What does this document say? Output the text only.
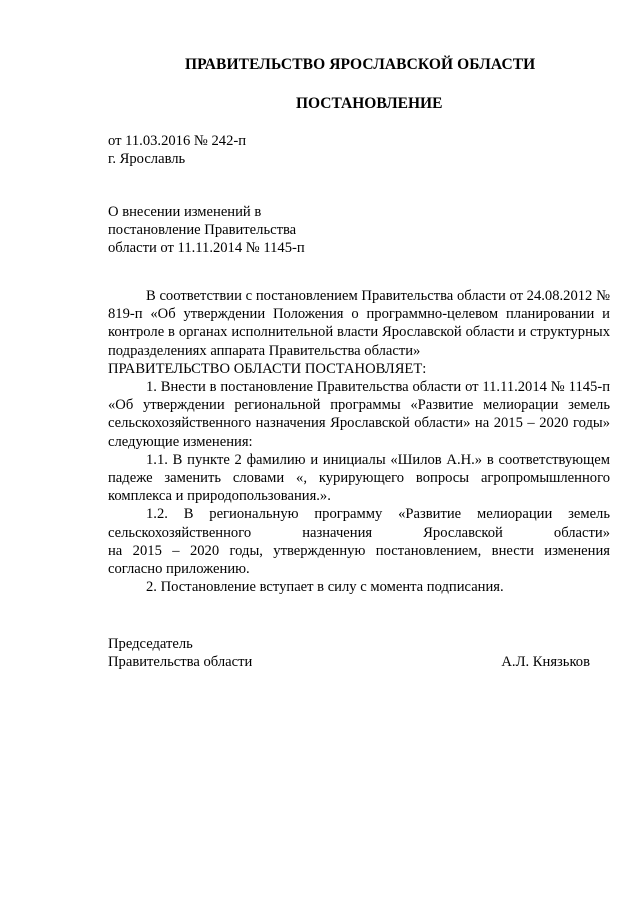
ПРАВИТЕЛЬСТВО ЯРОСЛАВСКОЙ ОБЛАСТИ
ПОСТАНОВЛЕНИЕ
от 11.03.2016 № 242-п
г. Ярославль
О внесении изменений в
постановление Правительства
области от 11.11.2014 № 1145-п

В соответствии с постановлением Правительства области от 24.08.2012 № 819-п «Об утверждении Положения о программно-целевом планировании и контроле в органах исполнительной власти Ярославской области и структурных подразделениях аппарата Правительства области»

ПРАВИТЕЛЬСТВО ОБЛАСТИ ПОСТАНОВЛЯЕТ:

1. Внести в постановление Правительства области от 11.11.2014 № 1145-п «Об утверждении региональной программы «Развитие мелиорации земель сельскохозяйственного назначения Ярославской области» на 2015 – 2020 годы» следующие изменения:

1.1. В пункте 2 фамилию и инициалы «Шилов А.Н.» в соответствующем падеже заменить словами «, курирующего вопросы агропромышленного комплекса и природопользования.».

1.2. В региональную программу «Развитие мелиорации земель сельскохозяйственного назначения Ярославской области»

на 2015 – 2020 годы, утвержденную постановлением, внести изменения согласно приложению.

2. Постановление вступает в силу с момента подписания.

Председатель
Правительства области	А.Л. Князьков
